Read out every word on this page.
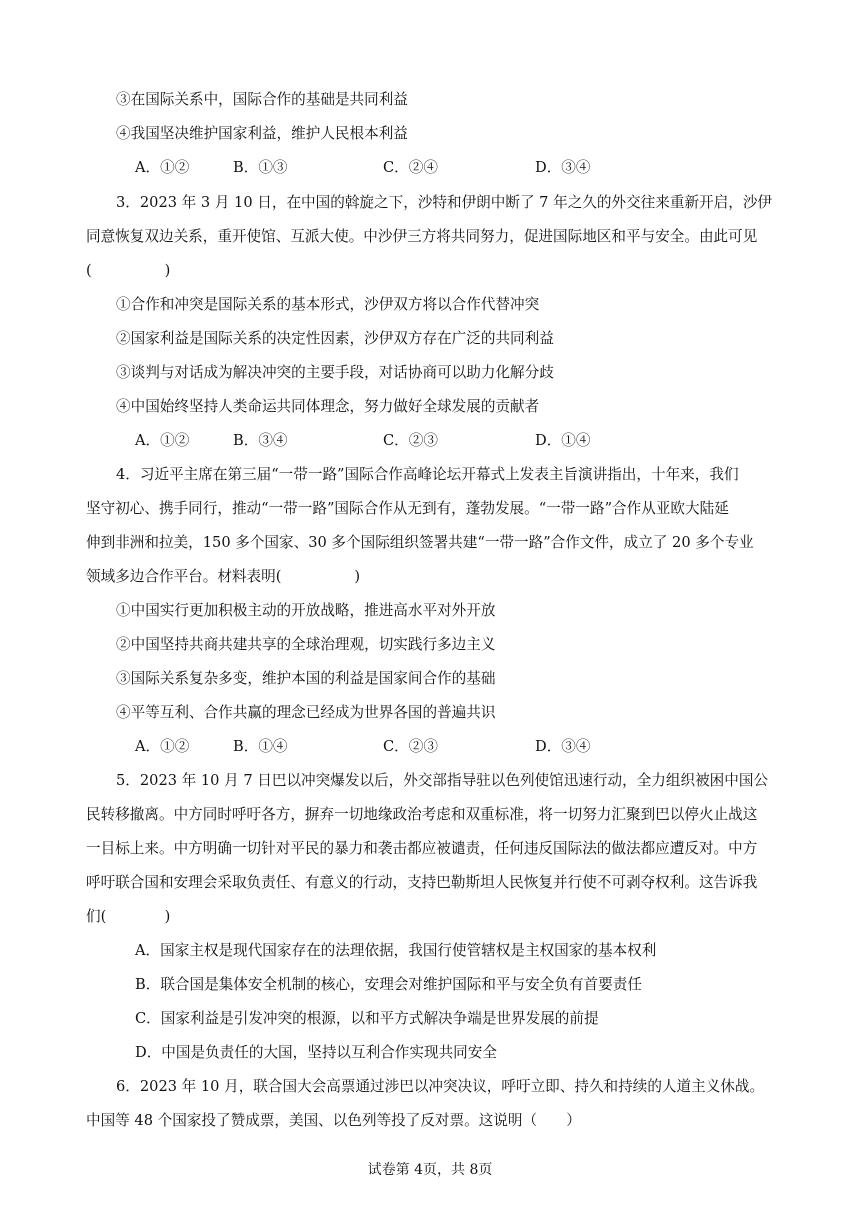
③在国际关系中，国际合作的基础是共同利益
④我国坚决维护国家利益，维护人民根本利益
A．①②	B．①③	C．②④	D．③④
3．2023 年 3 月 10 日，在中国的斡旋之下，沙特和伊朗中断了 7 年之久的外交往来重新开启，沙伊
同意恢复双边关系，重开使馆、互派大使。中沙伊三方将共同努力，促进国际地区和平与安全。由此可见
(　　　　　)
①合作和冲突是国际关系的基本形式，沙伊双方将以合作代替冲突
②国家利益是国际关系的决定性因素，沙伊双方存在广泛的共同利益
③谈判与对话成为解决冲突的主要手段，对话协商可以助力化解分歧
④中国始终坚持人类命运共同体理念，努力做好全球发展的贡献者
A．①②	B．③④	C．②③	D．①④
4．习近平主席在第三届“一带一路”国际合作高峰论坛开幕式上发表主旨演讲指出，十年来，我们
坚守初心、携手同行，推动“一带一路”国际合作从无到有，蓬勃发展。“一带一路”合作从亚欧大陆延
伸到非洲和拉美，150 多个国家、30 多个国际组织签署共建“一带一路”合作文件，成立了 20 多个专业
领域多边合作平台。材料表明(　　　　　)
①中国实行更加积极主动的开放战略，推进高水平对外开放
②中国坚持共商共建共享的全球治理观，切实践行多边主义
③国际关系复杂多变，维护本国的利益是国家间合作的基础
④平等互利、合作共赢的理念已经成为世界各国的普遍共识
A．①②	B．①④	C．②③	D．③④
5．2023 年 10 月 7 日巴以冲突爆发以后，外交部指导驻以色列使馆迅速行动，全力组织被困中国公
民转移撤离。中方同时呼吁各方，摒弃一切地缘政治考虑和双重标准，将一切努力汇聚到巴以停火止战这
一目标上来。中方明确一切针对平民的暴力和袭击都应被谴责，任何违反国际法的做法都应遭反对。中方
呼吁联合国和安理会采取负责任、有意义的行动，支持巴勒斯坦人民恢复并行使不可剥夺权利。这告诉我
们(　　　　)
A．国家主权是现代国家存在的法理依据，我国行使管辖权是主权国家的基本权利
B．联合国是集体安全机制的核心，安理会对维护国际和平与安全负有首要责任
C．国家利益是引发冲突的根源，以和平方式解决争端是世界发展的前提
D．中国是负责任的大国，坚持以互利合作实现共同安全
6．2023 年 10 月，联合国大会高票通过涉巴以冲突决议，呼吁立即、持久和持续的人道主义休战。
中国等 48 个国家投了赞成票，美国、以色列等投了反对票。这说明（　　）
试卷第 4页，共 8页
